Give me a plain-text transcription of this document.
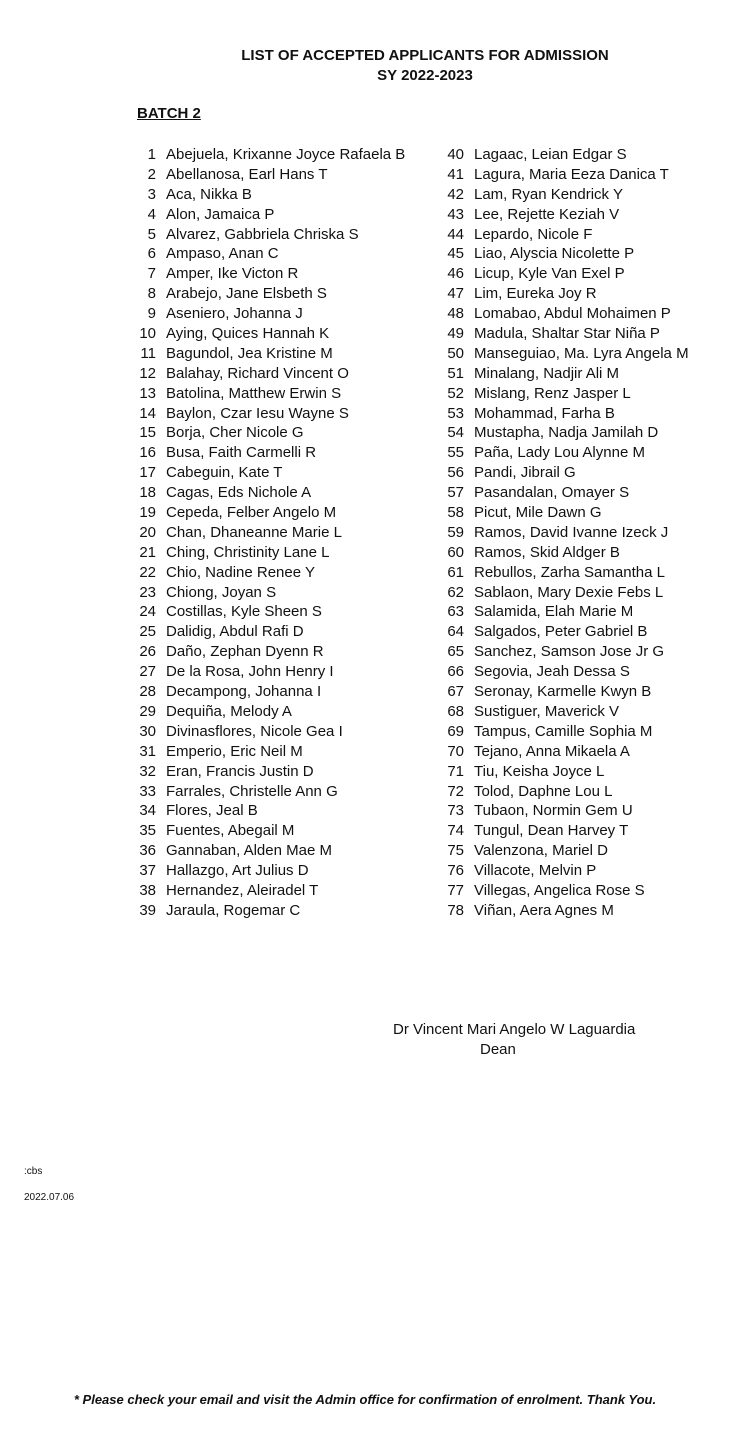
LIST OF ACCEPTED APPLICANTS FOR ADMISSION
SY 2022-2023
BATCH 2
1 Abejuela, Krixanne Joyce Rafaela B
2 Abellanosa, Earl Hans T
3 Aca, Nikka B
4 Alon, Jamaica P
5 Alvarez, Gabbriela Chriska S
6 Ampaso, Anan C
7 Amper, Ike Victon R
8 Arabejo, Jane Elsbeth S
9 Aseniero, Johanna J
10 Aying, Quices Hannah K
11 Bagundol, Jea Kristine M
12 Balahay, Richard Vincent O
13 Batolina, Matthew Erwin S
14 Baylon, Czar Iesu Wayne S
15 Borja, Cher Nicole G
16 Busa, Faith Carmelli R
17 Cabeguin, Kate T
18 Cagas, Eds Nichole A
19 Cepeda, Felber Angelo M
20 Chan, Dhaneanne Marie L
21 Ching, Christinity Lane L
22 Chio, Nadine Renee Y
23 Chiong, Joyan S
24 Costillas, Kyle Sheen S
25 Dalidig, Abdul Rafi D
26 Daño, Zephan Dyenn R
27 De la Rosa, John Henry I
28 Decampong, Johanna I
29 Dequiña, Melody A
30 Divinasflores, Nicole Gea I
31 Emperio, Eric Neil M
32 Eran, Francis Justin D
33 Farrales, Christelle Ann G
34 Flores, Jeal B
35 Fuentes, Abegail M
36 Gannaban, Alden Mae M
37 Hallazgo, Art Julius D
38 Hernandez, Aleiradel T
39 Jaraula, Rogemar C
40 Lagaac, Leian Edgar S
41 Lagura, Maria Eeza Danica T
42 Lam, Ryan Kendrick Y
43 Lee, Rejette Keziah V
44 Lepardo, Nicole F
45 Liao, Alyscia Nicolette P
46 Licup, Kyle Van Exel P
47 Lim, Eureka Joy R
48 Lomabao, Abdul Mohaimen P
49 Madula, Shaltar Star Niña P
50 Manseguiao, Ma. Lyra Angela M
51 Minalang, Nadjir Ali M
52 Mislang, Renz Jasper L
53 Mohammad, Farha B
54 Mustapha, Nadja Jamilah D
55 Paña, Lady Lou Alynne M
56 Pandi, Jibrail G
57 Pasandalan, Omayer S
58 Picut, Mile Dawn G
59 Ramos, David Ivanne Izeck J
60 Ramos, Skid Aldger B
61 Rebullos, Zarha Samantha L
62 Sablaon, Mary Dexie Febs L
63 Salamida, Elah Marie M
64 Salgados, Peter Gabriel B
65 Sanchez, Samson Jose Jr G
66 Segovia, Jeah Dessa S
67 Seronay, Karmelle Kwyn B
68 Sustiguer, Maverick V
69 Tampus, Camille Sophia M
70 Tejano, Anna Mikaela A
71 Tiu, Keisha Joyce L
72 Tolod, Daphne Lou L
73 Tubaon, Normin Gem U
74 Tungul, Dean Harvey T
75 Valenzona, Mariel D
76 Villacote, Melvin P
77 Villegas, Angelica Rose S
78 Viñan, Aera Agnes M
Dr Vincent Mari Angelo W Laguardia
Dean
:cbs
2022.07.06
* Please check your email and visit the Admin office for confirmation of enrolment. Thank You.
